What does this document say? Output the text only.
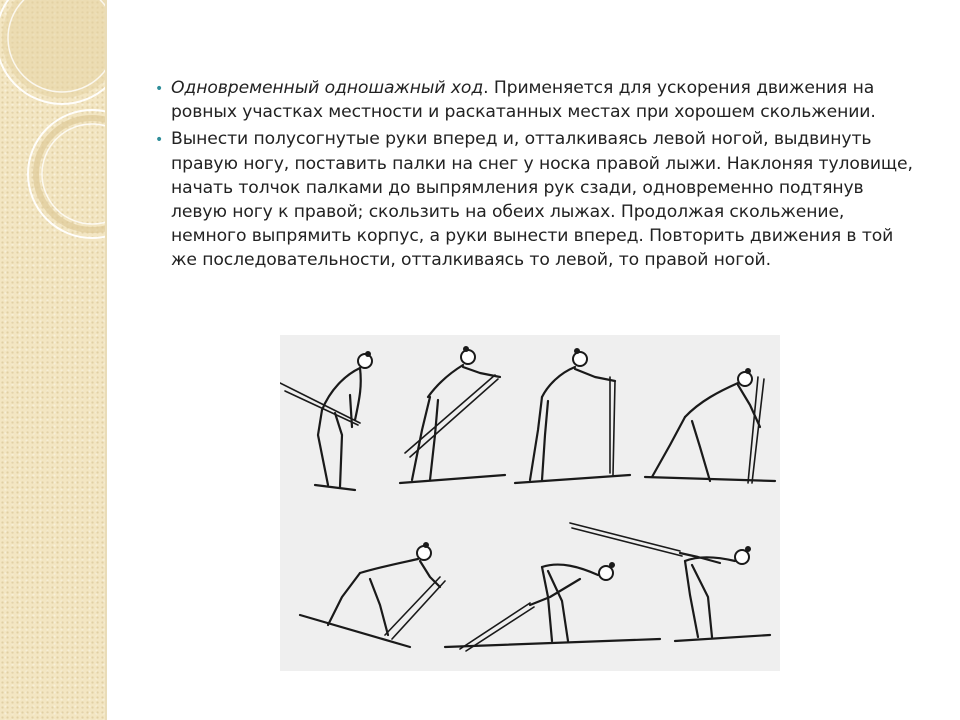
• Одновременный одношажный ход. Применяется для ускорения движения на ровных участках местности и раскатанных местах при хорошем скольжении.

• Вынести полусогнутые руки вперед и, отталкиваясь левой ногой, выдвинуть правую ногу, поставить палки на снег у носка правой лыжи. Наклоняя туловище, начать толчок палками до выпрямления рук сзади, одновременно подтянув левую ногу к правой; скользить на обеих лыжах. Продолжая скольжение, немного выпрямить корпус, а руки вынести вперед. Повторить движения в той же последовательности, отталкиваясь то левой, то правой ногой.
